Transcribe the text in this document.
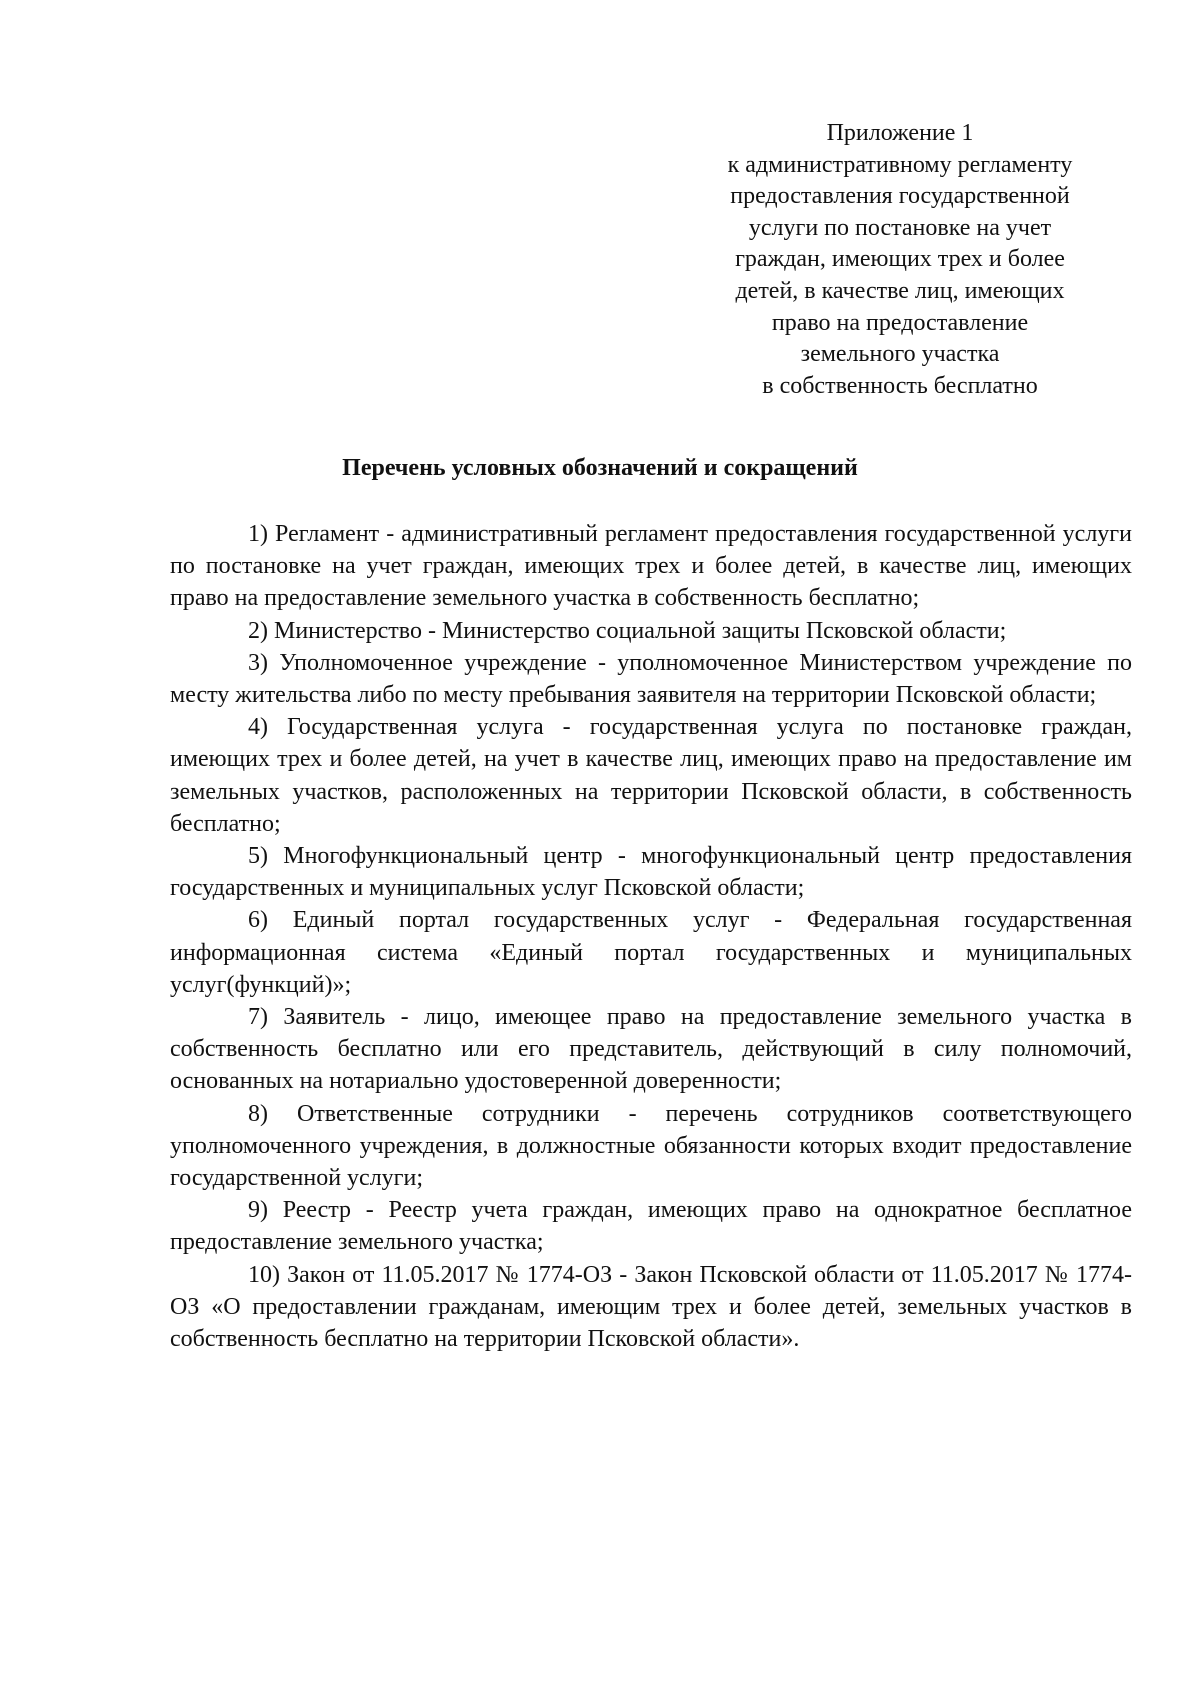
Приложение 1
к административному регламенту
предоставления государственной
услуги по постановке на учет
граждан, имеющих трех и более
детей, в качестве лиц, имеющих
право на предоставление
земельного участка
в собственность бесплатно
Перечень условных обозначений и сокращений

1) Регламент - административный регламент предоставления государственной услуги по постановке на учет граждан, имеющих трех и более детей, в качестве лиц, имеющих право на предоставление земельного участка в собственность бесплатно;

2) Министерство - Министерство социальной защиты Псковской области;

3) Уполномоченное учреждение - уполномоченное Министерством учреждение по месту жительства либо по месту пребывания заявителя на территории Псковской области;

4) Государственная услуга - государственная услуга по постановке граждан, имеющих трех и более детей, на учет в качестве лиц, имеющих право на предоставление им земельных участков, расположенных на территории Псковской области, в собственность бесплатно;

5) Многофункциональный центр - многофункциональный центр предоставления государственных и муниципальных услуг Псковской области;

6) Единый портал государственных услуг - Федеральная государственная информационная система «Единый портал государственных и муниципальных услуг(функций)»;

7) Заявитель - лицо, имеющее право на предоставление земельного участка в собственность бесплатно или его представитель, действующий в силу полномочий, основанных на нотариально удостоверенной доверенности;

8) Ответственные сотрудники - перечень сотрудников соответствующего уполномоченного учреждения, в должностные обязанности которых входит предоставление государственной услуги;

9) Реестр - Реестр учета граждан, имеющих право на однократное бесплатное предоставление земельного участка;

10) Закон от 11.05.2017 № 1774-ОЗ - Закон Псковской области от 11.05.2017 № 1774-ОЗ «О предоставлении гражданам, имеющим трех и более детей, земельных участков в собственность бесплатно на территории Псковской области».
